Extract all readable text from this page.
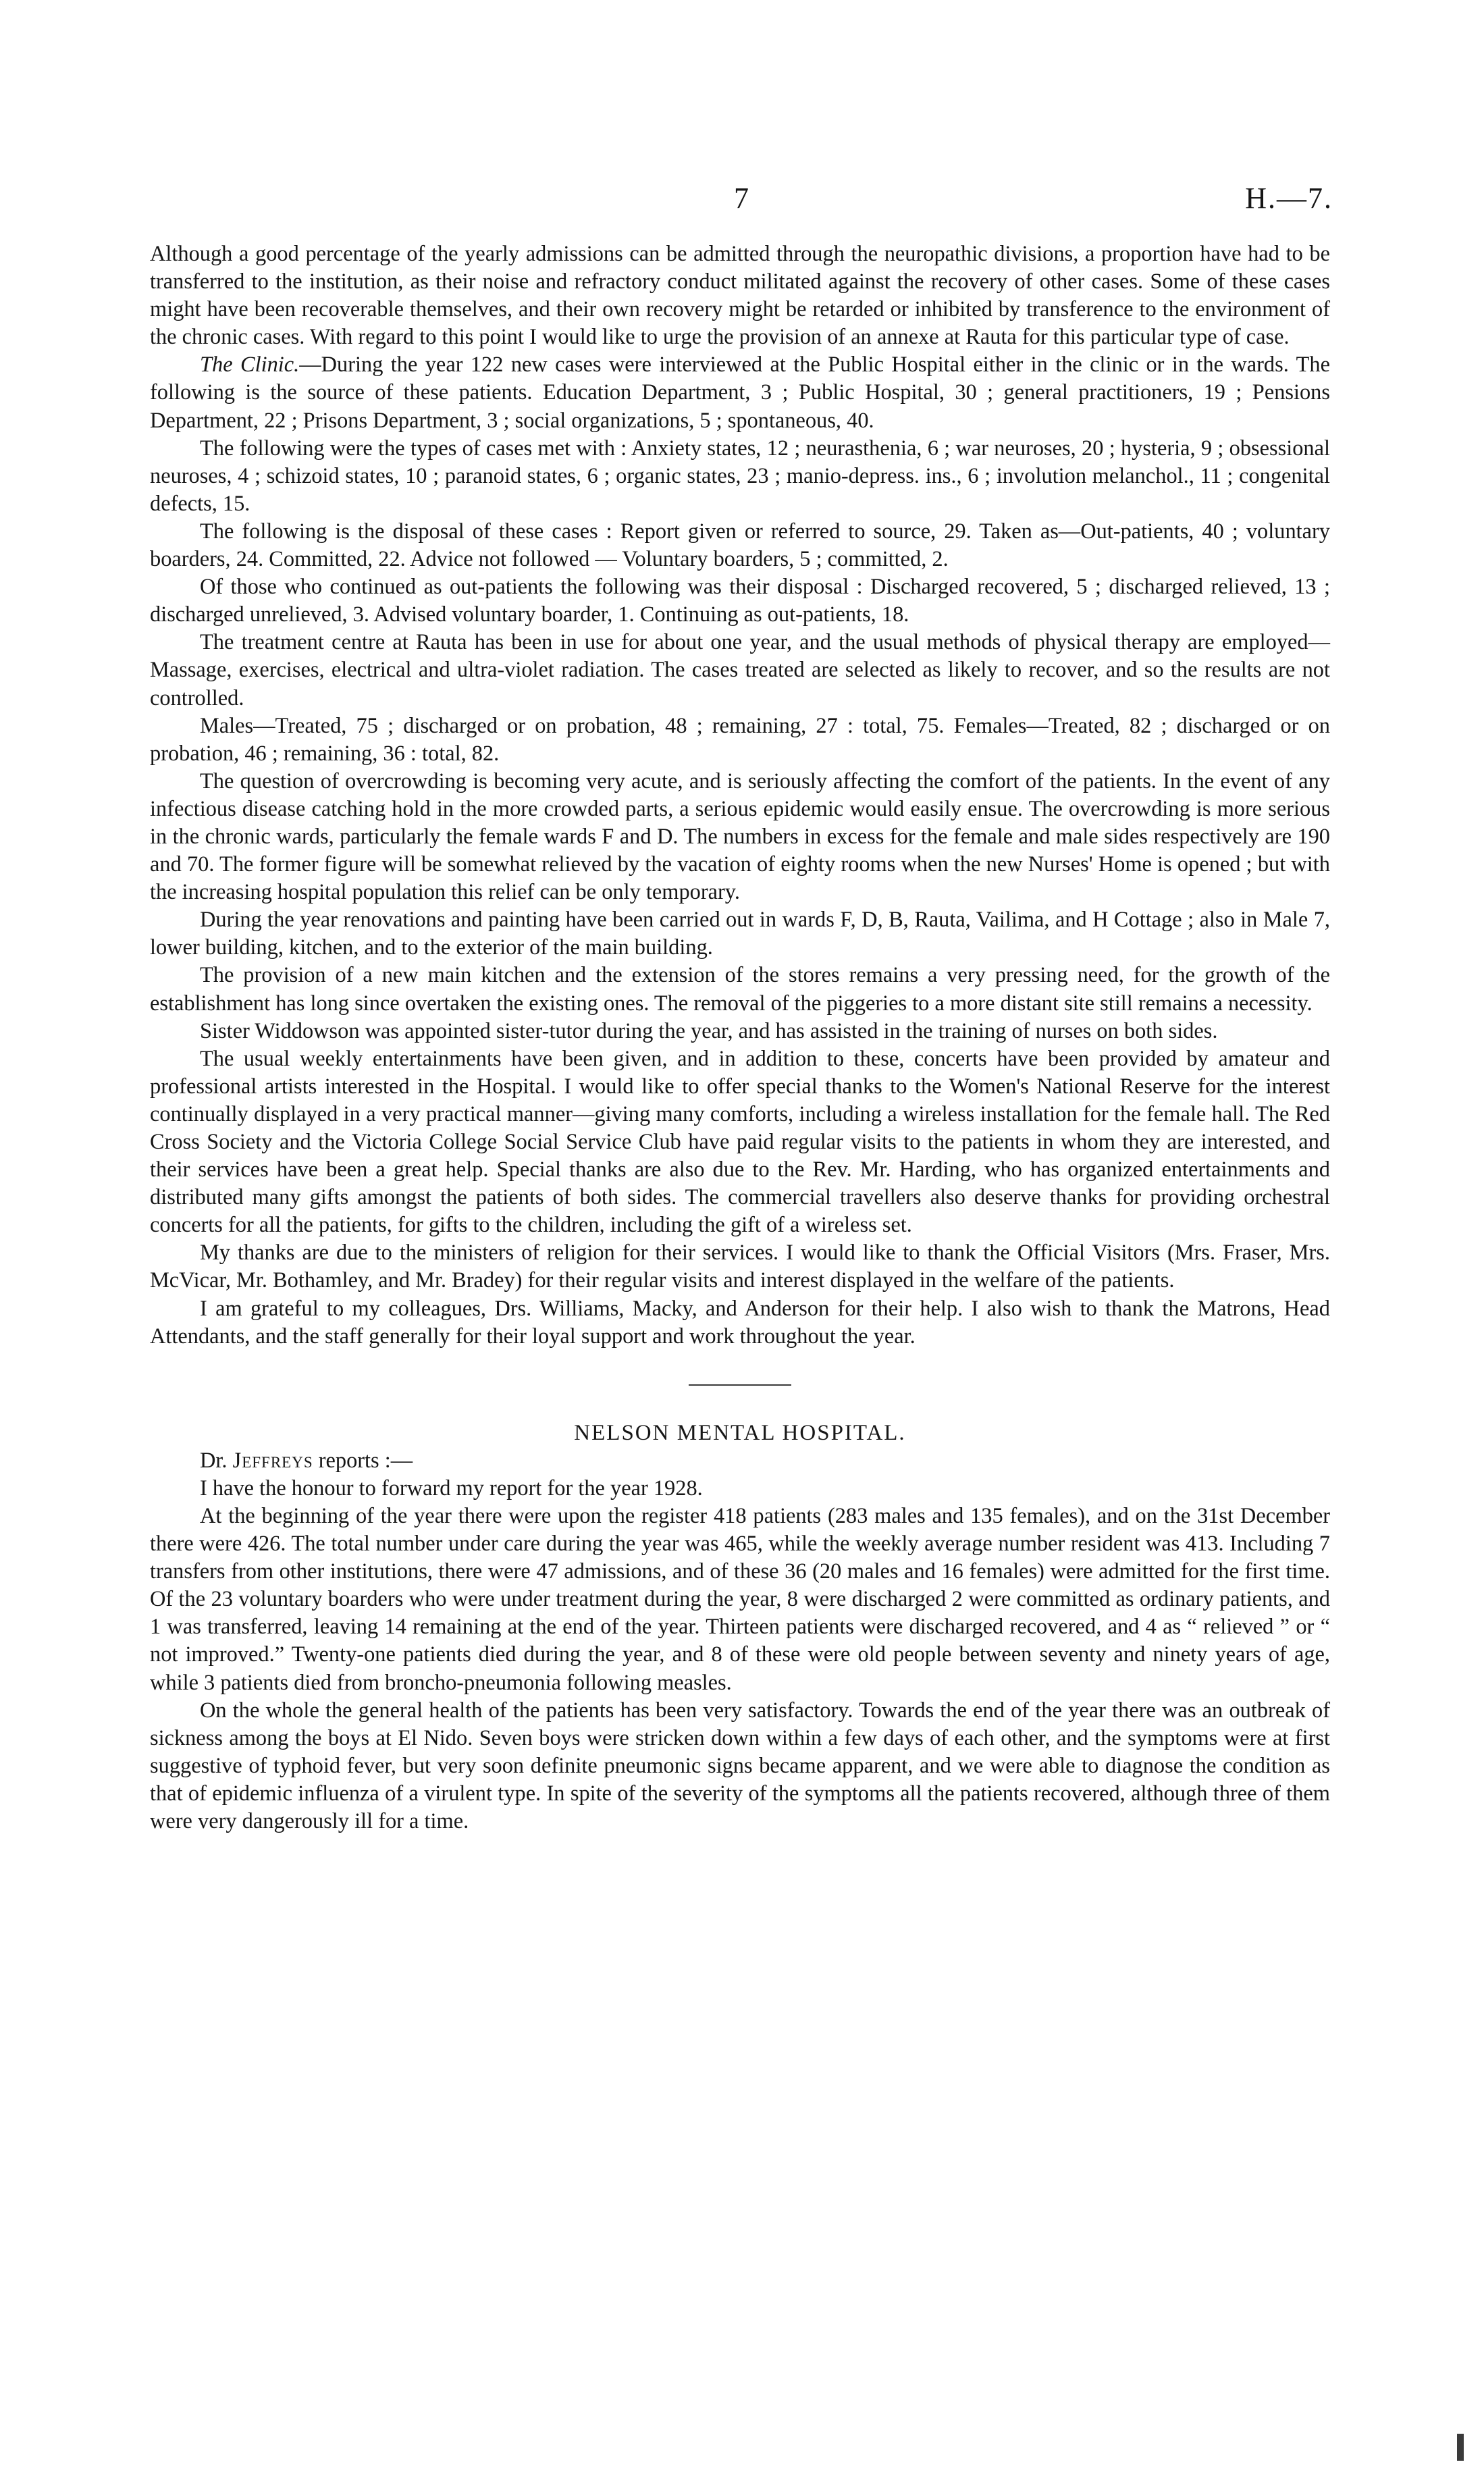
7	H.—7.

Although a good percentage of the yearly admissions can be admitted through the neuropathic divisions, a proportion have had to be transferred to the institution, as their noise and refractory conduct militated against the recovery of other cases. Some of these cases might have been recoverable themselves, and their own recovery might be retarded or inhibited by transference to the environment of the chronic cases. With regard to this point I would like to urge the provision of an annexe at Rauta for this particular type of case.

The Clinic.—During the year 122 new cases were interviewed at the Public Hospital either in the clinic or in the wards. The following is the source of these patients. Education Department, 3 ; Public Hospital, 30 ; general practitioners, 19 ; Pensions Department, 22 ; Prisons Department, 3 ; social organizations, 5 ; spontaneous, 40.

The following were the types of cases met with : Anxiety states, 12 ; neurasthenia, 6 ; war neuroses, 20 ; hysteria, 9 ; obsessional neuroses, 4 ; schizoid states, 10 ; paranoid states, 6 ; organic states, 23 ; manio-depress. ins., 6 ; involution melanchol., 11 ; congenital defects, 15.

The following is the disposal of these cases : Report given or referred to source, 29. Taken as—Out-patients, 40 ; voluntary boarders, 24. Committed, 22. Advice not followed — Voluntary boarders, 5 ; committed, 2.

Of those who continued as out-patients the following was their disposal : Discharged recovered, 5 ; discharged relieved, 13 ; discharged unrelieved, 3. Advised voluntary boarder, 1. Continuing as out-patients, 18.

The treatment centre at Rauta has been in use for about one year, and the usual methods of physical therapy are employed—Massage, exercises, electrical and ultra-violet radiation. The cases treated are selected as likely to recover, and so the results are not controlled.

Males—Treated, 75 ; discharged or on probation, 48 ; remaining, 27 : total, 75. Females—Treated, 82 ; discharged or on probation, 46 ; remaining, 36 : total, 82.

The question of overcrowding is becoming very acute, and is seriously affecting the comfort of the patients. In the event of any infectious disease catching hold in the more crowded parts, a serious epidemic would easily ensue. The overcrowding is more serious in the chronic wards, particularly the female wards F and D. The numbers in excess for the female and male sides respectively are 190 and 70. The former figure will be somewhat relieved by the vacation of eighty rooms when the new Nurses' Home is opened ; but with the increasing hospital population this relief can be only temporary.

During the year renovations and painting have been carried out in wards F, D, B, Rauta, Vailima, and H Cottage ; also in Male 7, lower building, kitchen, and to the exterior of the main building.

The provision of a new main kitchen and the extension of the stores remains a very pressing need, for the growth of the establishment has long since overtaken the existing ones. The removal of the piggeries to a more distant site still remains a necessity.

Sister Widdowson was appointed sister-tutor during the year, and has assisted in the training of nurses on both sides.

The usual weekly entertainments have been given, and in addition to these, concerts have been provided by amateur and professional artists interested in the Hospital. I would like to offer special thanks to the Women's National Reserve for the interest continually displayed in a very practical manner—giving many comforts, including a wireless installation for the female hall. The Red Cross Society and the Victoria College Social Service Club have paid regular visits to the patients in whom they are interested, and their services have been a great help. Special thanks are also due to the Rev. Mr. Harding, who has organized entertainments and distributed many gifts amongst the patients of both sides. The commercial travellers also deserve thanks for providing orchestral concerts for all the patients, for gifts to the children, including the gift of a wireless set.

My thanks are due to the ministers of religion for their services. I would like to thank the Official Visitors (Mrs. Fraser, Mrs. McVicar, Mr. Bothamley, and Mr. Bradey) for their regular visits and interest displayed in the welfare of the patients.

I am grateful to my colleagues, Drs. Williams, Macky, and Anderson for their help. I also wish to thank the Matrons, Head Attendants, and the staff generally for their loyal support and work throughout the year.

NELSON MENTAL HOSPITAL.

Dr. Jeffreys reports :—

I have the honour to forward my report for the year 1928.

At the beginning of the year there were upon the register 418 patients (283 males and 135 females), and on the 31st December there were 426. The total number under care during the year was 465, while the weekly average number resident was 413. Including 7 transfers from other institutions, there were 47 admissions, and of these 36 (20 males and 16 females) were admitted for the first time. Of the 23 voluntary boarders who were under treatment during the year, 8 were discharged 2 were committed as ordinary patients, and 1 was transferred, leaving 14 remaining at the end of the year. Thirteen patients were discharged recovered, and 4 as “ relieved ” or “ not improved.” Twenty-one patients died during the year, and 8 of these were old people between seventy and ninety years of age, while 3 patients died from broncho-pneumonia following measles.

On the whole the general health of the patients has been very satisfactory. Towards the end of the year there was an outbreak of sickness among the boys at El Nido. Seven boys were stricken down within a few days of each other, and the symptoms were at first suggestive of typhoid fever, but very soon definite pneumonic signs became apparent, and we were able to diagnose the condition as that of epidemic influenza of a virulent type. In spite of the severity of the symptoms all the patients recovered, although three of them were very dangerously ill for a time.
